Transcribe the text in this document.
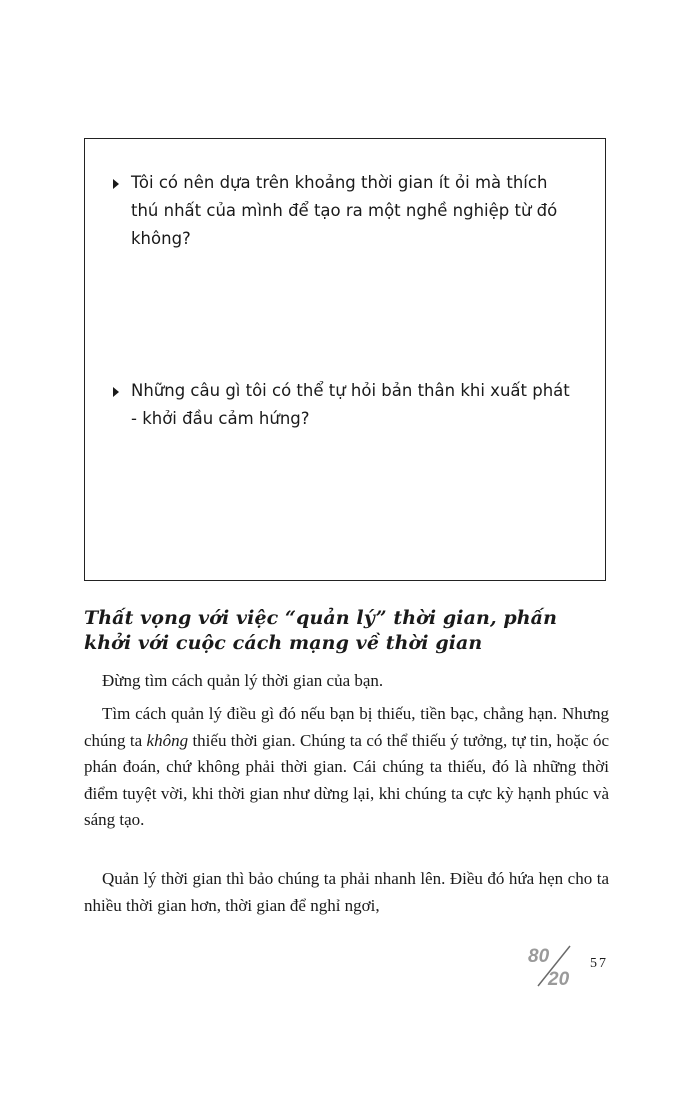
Tôi có nên dựa trên khoảng thời gian ít ỏi mà thích thú nhất của mình để tạo ra một nghề nghiệp từ đó không?
Những câu gì tôi có thể tự hỏi bản thân khi xuất phát - khởi đầu cảm hứng?
Thất vọng với việc “quản lý” thời gian, phấn khởi với cuộc cách mạng về thời gian
Đừng tìm cách quản lý thời gian của bạn.
Tìm cách quản lý điều gì đó nếu bạn bị thiếu, tiền bạc, chẳng hạn. Nhưng chúng ta không thiếu thời gian. Chúng ta có thể thiếu ý tưởng, tự tin, hoặc óc phán đoán, chứ không phải thời gian. Cái chúng ta thiếu, đó là những thời điểm tuyệt vời, khi thời gian như dừng lại, khi chúng ta cực kỳ hạnh phúc và sáng tạo.
Quản lý thời gian thì bảo chúng ta phải nhanh lên. Điều đó hứa hẹn cho ta nhiều thời gian hơn, thời gian để nghỉ ngơi,
80
20
57
